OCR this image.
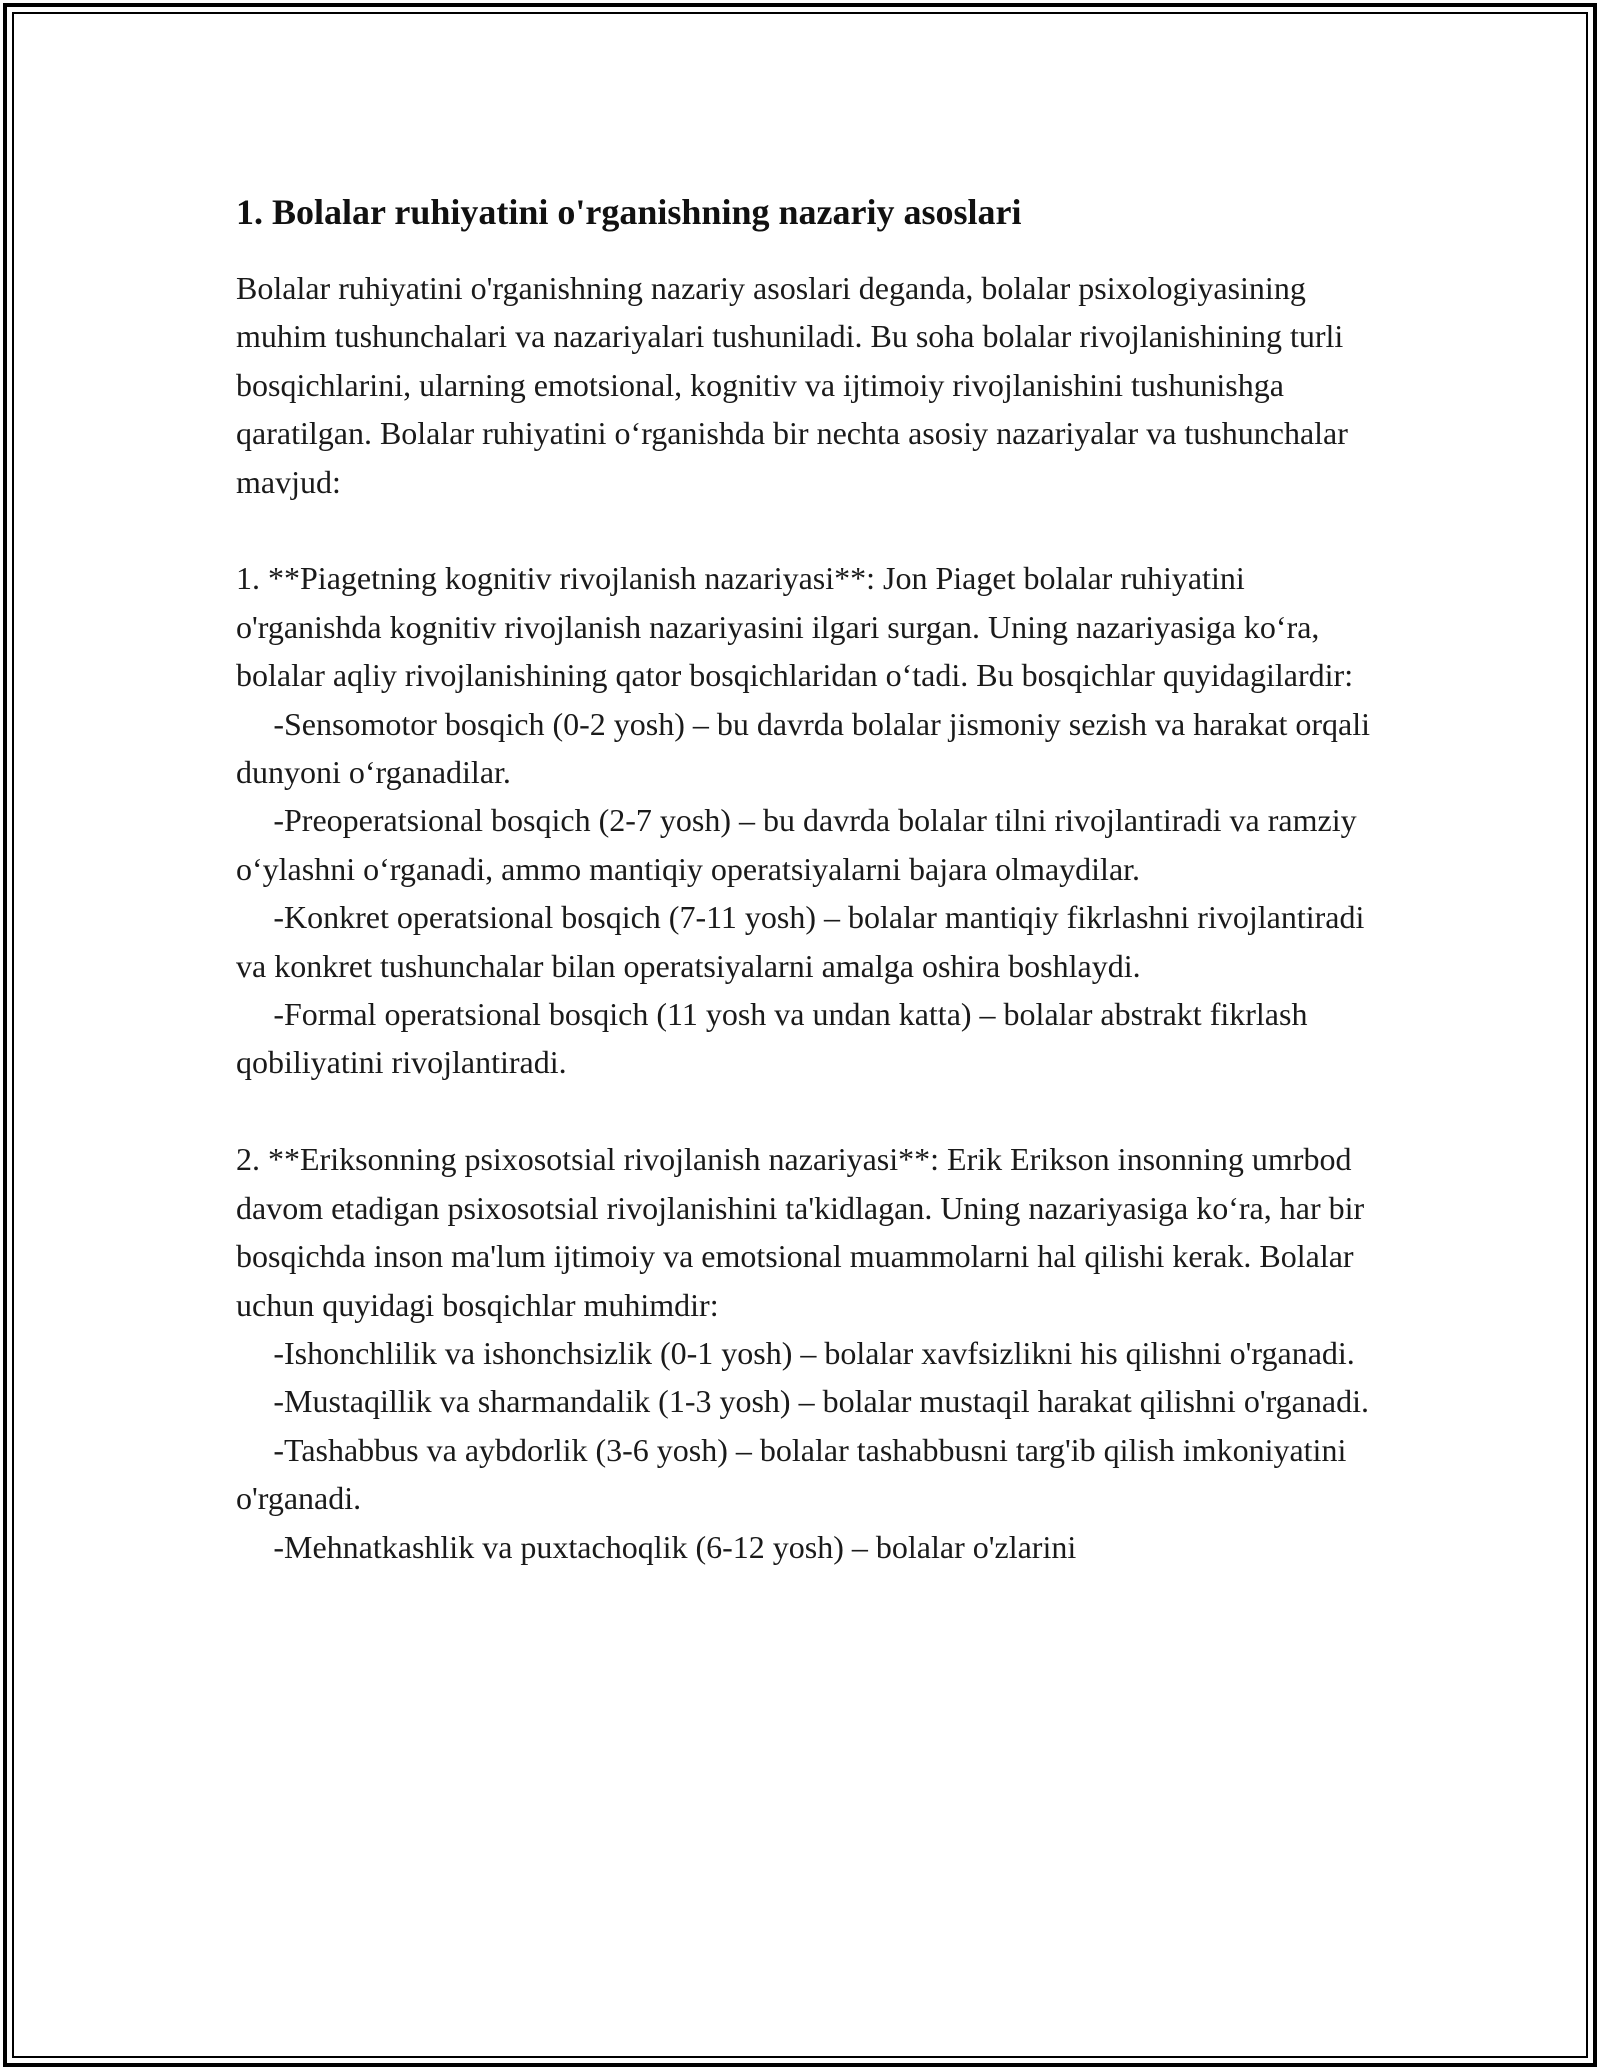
1. Bolalar ruhiyatini o'rganishning nazariy asoslari

Bolalar ruhiyatini o'rganishning nazariy asoslari deganda, bolalar psixologiyasining muhim tushunchalari va nazariyalari tushuniladi. Bu soha bolalar rivojlanishining turli bosqichlarini, ularning emotsional, kognitiv va ijtimoiy rivojlanishini tushunishga qaratilgan. Bolalar ruhiyatini o‘rganishda bir nechta asosiy nazariyalar va tushunchalar mavjud:

1. **Piagetning kognitiv rivojlanish nazariyasi**: Jon Piaget bolalar ruhiyatini o'rganishda kognitiv rivojlanish nazariyasini ilgari surgan. Uning nazariyasiga ko‘ra, bolalar aqliy rivojlanishining qator bosqichlaridan o‘tadi. Bu bosqichlar quyidagilardir:

-Sensomotor bosqich (0-2 yosh) – bu davrda bolalar jismoniy sezish va harakat orqali dunyoni o‘rganadilar.

-Preoperatsional bosqich (2-7 yosh) – bu davrda bolalar tilni rivojlantiradi va ramziy o‘ylashni o‘rganadi, ammo mantiqiy operatsiyalarni bajara olmaydilar.

-Konkret operatsional bosqich (7-11 yosh) – bolalar mantiqiy fikrlashni rivojlantiradi va konkret tushunchalar bilan operatsiyalarni amalga oshira boshlaydi.

-Formal operatsional bosqich (11 yosh va undan katta) – bolalar abstrakt fikrlash qobiliyatini rivojlantiradi.

2. **Eriksonning psixosotsial rivojlanish nazariyasi**: Erik Erikson insonning umrbod davom etadigan psixosotsial rivojlanishini ta'kidlagan. Uning nazariyasiga ko‘ra, har bir bosqichda inson ma'lum ijtimoiy va emotsional muammolarni hal qilishi kerak. Bolalar uchun quyidagi bosqichlar muhimdir:

-Ishonchlilik va ishonchsizlik (0-1 yosh) – bolalar xavfsizlikni his qilishni o'rganadi.

-Mustaqillik va sharmandalik (1-3 yosh) – bolalar mustaqil harakat qilishni o'rganadi.

-Tashabbus va aybdorlik (3-6 yosh) – bolalar tashabbusni targ'ib qilish imkoniyatini o'rganadi.

-Mehnatkashlik va puxtachoqlik (6-12 yosh) – bolalar o'zlarini
